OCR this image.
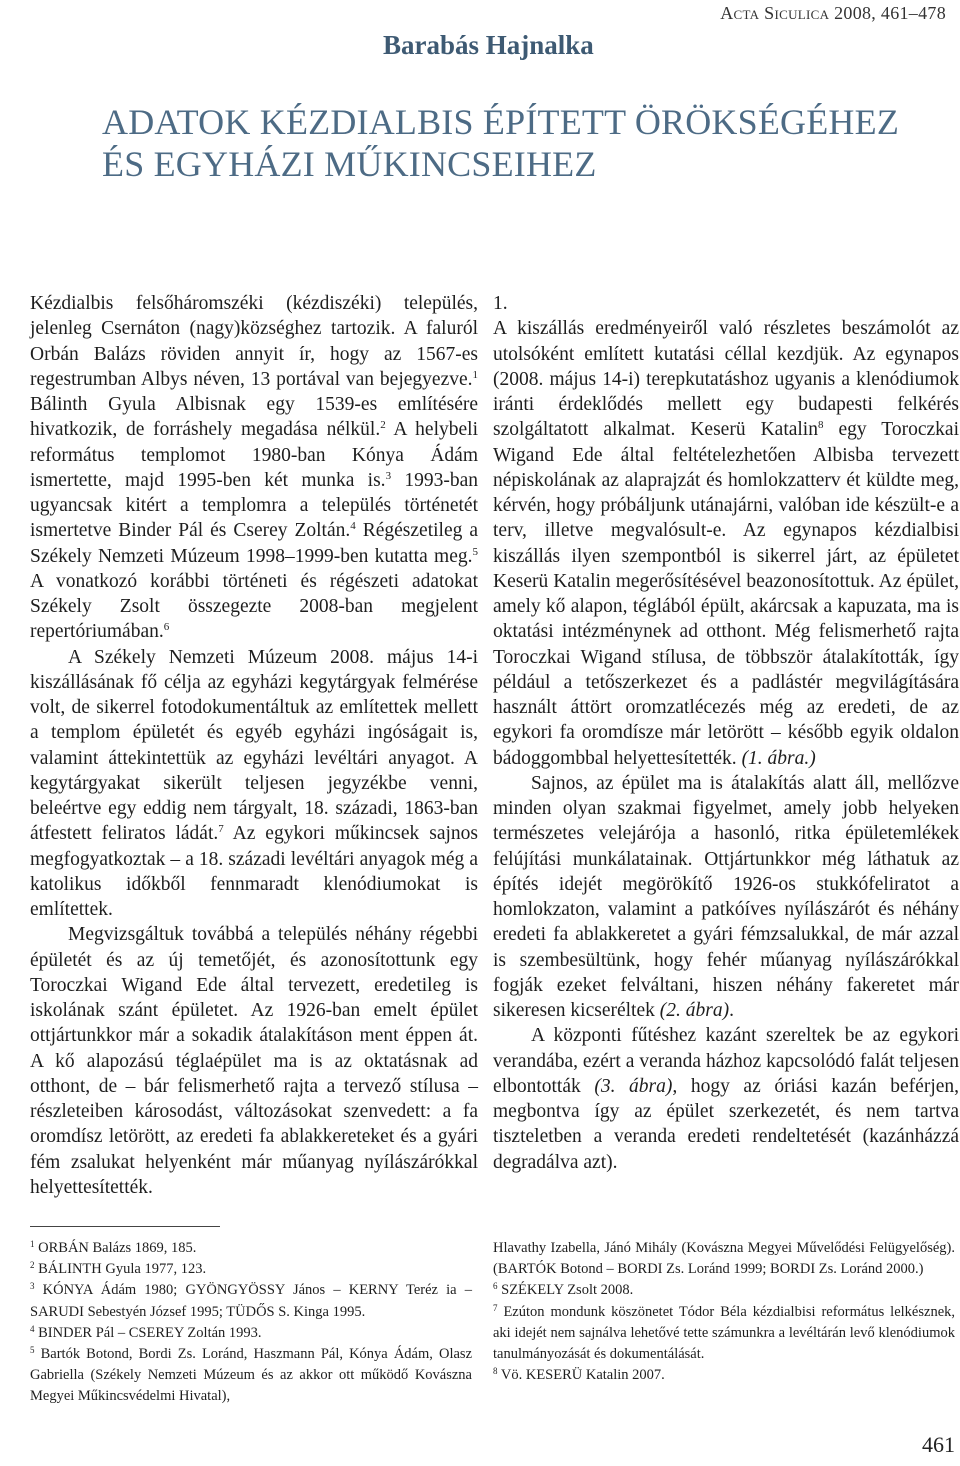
Acta Siculica 2008, 461–478
Barabás Hajnalka
ADATOK KÉZDIALBIS ÉPÍTETT ÖRÖKSÉGÉHEZ
ÉS EGYHÁZI MŰKINCSEIHEZ

Kézdialbis felsőháromszéki (kézdiszéki) település, jelenleg Csernáton (nagy)községhez tartozik. A faluról Orbán Balázs röviden annyit ír, hogy az 1567-es regestrumban Albys néven, 13 portával van bejegyezve.$^1$ Bálinth Gyula Albisnak egy 1539-es említésére hivatkozik, de forráshely megadása nélkül.$^2$ A helybeli református templomot 1980-ban Kónya Ádám ismertette, majd 1995-ben két munka is.$^3$ 1993-ban ugyancsak kitért a templomra a település történetét ismertetve Binder Pál és Cserey Zoltán.$^4$ Régészetileg a Székely Nemzeti Múzeum 1998–1999-ben kutatta meg.$^5$ A vonatkozó korábbi történeti és régészeti adatokat Székely Zsolt összegezte 2008-ban megjelent repertóriumában.$^6$

A Székely Nemzeti Múzeum 2008. május 14-i kiszállásának fő célja az egyházi kegytárgyak felmérése volt, de sikerrel fotodokumentáltuk az említettek mellett a templom épületét és egyéb egyházi ingóságait is, valamint áttekintettük az egyházi levéltári anyagot. A kegytárgyakat sikerült teljesen jegyzékbe venni, beleértve egy eddig nem tárgyalt, 18. századi, 1863-ban átfestett feliratos ládát.$^7$ Az egykori műkincsek sajnos megfogyatkoztak – a 18. századi levéltári anyagok még a katolikus időkből fennmaradt klenódiumokat is említettek.

Megvizsgáltuk továbbá a település néhány régebbi épületét és az új temetőjét, és azonosítottunk egy Toroczkai Wigand Ede által tervezett, eredetileg is iskolának szánt épületet. Az 1926-ban emelt épület ottjártunkkor már a sokadik átalakításon ment éppen át. A kő alapozású téglaépület ma is az oktatásnak ad otthont, de – bár felismerhető rajta a tervező stílusa – részleteiben károsodást, változásokat szenvedett: a fa oromdísz letörött, az eredeti fa ablakkereteket és a gyári fém zsalukat helyenként már műanyag nyílászárókkal helyettesítették.

1.

A kiszállás eredményeiről való részletes beszámolót az utolsóként említett kutatási céllal kezdjük. Az egynapos (2008. május 14-i) terepkutatáshoz ugyanis a klenódiumok iránti érdeklődés mellett egy budapesti felkérés szolgáltatott alkalmat. Keserü Katalin$^8$ egy Toroczkai Wigand Ede által feltételezhetően Albisba tervezett népiskolának az alaprajzát és homlokzatterv ét küldte meg, kérvén, hogy próbáljunk utánajárni, valóban ide készült-e a terv, illetve megvalósult-e. Az egynapos kézdialbisi kiszállás ilyen szempontból is sikerrel járt, az épületet Keserü Katalin megerősítésével beazonosítottuk. Az épület, amely kő alapon, téglából épült, akárcsak a kapuzata, ma is oktatási intézménynek ad otthont. Még felismerhető rajta Toroczkai Wigand stílusa, de többször átalakították, így például a tetőszerkezet és a padlástér megvilágítására használt áttört oromzatlécezés még az eredeti, de az egykori fa oromdísze már letörött – később egyik oldalon bádoggombbal helyettesítették. (1. ábra.)

Sajnos, az épület ma is átalakítás alatt áll, mellőzve minden olyan szakmai figyelmet, amely jobb helyeken természetes velejárója a hasonló, ritka épületemlékek felújítási munkálatainak. Ottjártunkkor még láthatuk az építés idejét megörökítő 1926-os stukkófeliratot a homlokzaton, valamint a patkóíves nyílászárót és néhány eredeti fa ablakkeretet a gyári fémzsalukkal, de már azzal is szembesültünk, hogy fehér műanyag nyílászárókkal fogják ezeket felváltani, hiszen néhány fakeretet már sikeresen kicseréltek (2. ábra).

A központi fűtéshez kazánt szereltek be az egykori verandába, ezért a veranda házhoz kapcsolódó falát teljesen elbontották (3. ábra), hogy az óriási kazán beférjen, megbontva így az épület szerkezetét, és nem tartva tiszteletben a veranda eredeti rendeltetését (kazánházzá degradálva azt).

$^1$ ORBÁN Balázs 1869, 185.

$^2$ BÁLINTH Gyula 1977, 123.

$^3$ KÓNYA Ádám 1980; GYÖNGYÖSSY János – KERNY Teréz ia – SARUDI Sebestyén József 1995; TÜDŐS S. Kinga 1995.

$^4$ BINDER Pál – CSEREY Zoltán 1993.

$^5$ Bartók Botond, Bordi Zs. Loránd, Haszmann Pál, Kónya Ádám, Olasz Gabriella (Székely Nemzeti Múzeum és az akkor ott működő Kovászna Megyei Műkincsvédelmi Hivatal),

Hlavathy Izabella, Jánó Mihály (Kovászna Megyei Művelődési Felügyelőség). (BARTÓK Botond – BORDI Zs. Loránd 1999; BORDI Zs. Loránd 2000.)

$^6$ SZÉKELY Zsolt 2008.

$^7$ Ezúton mondunk köszönetet Tódor Béla kézdialbisi református lelkésznek, aki idejét nem sajnálva lehetővé tette számunkra a levéltárán levő klenódiumok tanulmányozását és dokumentálását.

$^8$ Vö. KESERÜ Katalin 2007.

461
